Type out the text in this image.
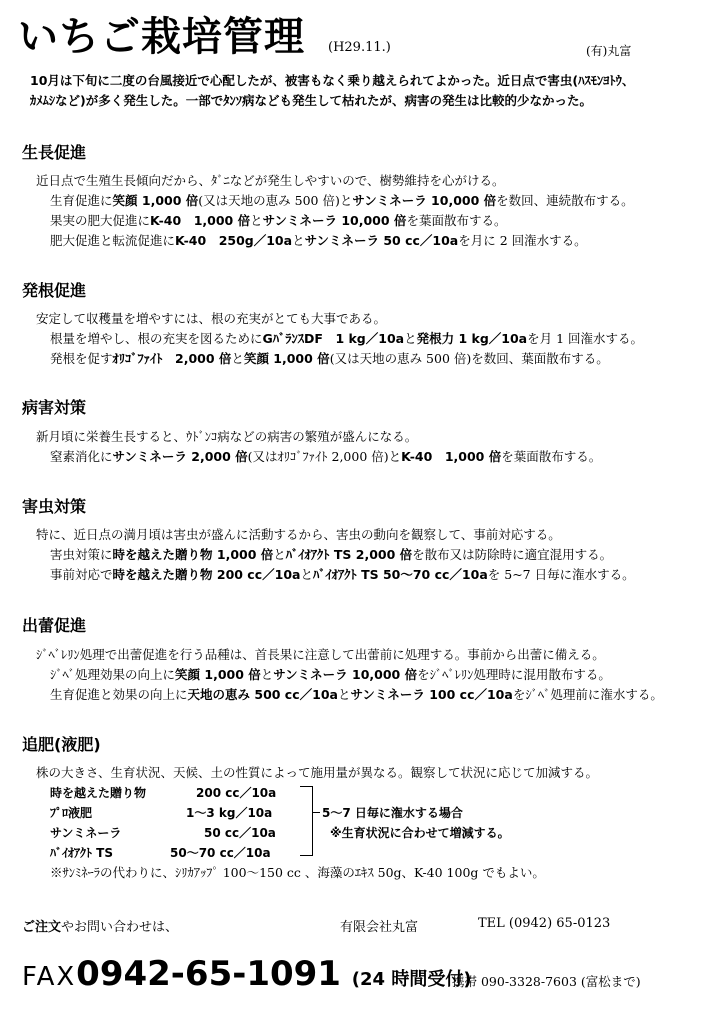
いちご栽培管理 (H29.11.)	(有)丸富
10月は下旬に二度の台風接近で心配したが、被害もなく乗り越えられてよかった。近日点で害虫(ﾊｽﾓﾝﾖﾄｳ、
ｶﾒﾑｼなど)が多く発生した。一部でﾀﾝｿ病なども発生して枯れたが、病害の発生は比較的少なかった。
生長促進
近日点で生殖生長傾向だから、ﾀﾞﾆなどが発生しやすいので、樹勢維持を心がける。
生育促進に笑顔 1,000 倍(又は天地の恵み 500 倍)とサンミネーラ 10,000 倍を数回、連続散布する。
果実の肥大促進にK-40　1,000 倍とサンミネーラ 10,000 倍を葉面散布する。
肥大促進と転流促進にK-40　250g／10aとサンミネーラ 50 cc／10aを月に 2 回潅水する。
発根促進
安定して収穫量を増やすには、根の充実がとても大事である。
根量を増やし、根の充実を図るためにGﾊﾞﾗﾝｽDF　1 kg／10aと発根力 1 kg／10aを月 1 回潅水する。
発根を促すｵﾘｺﾞﾌｧｲﾄ　2,000 倍と笑顔 1,000 倍(又は天地の恵み 500 倍)を数回、葉面散布する。
病害対策
新月頃に栄養生長すると、ｳﾄﾞﾝｺ病などの病害の繁殖が盛んになる。
窒素消化にサンミネーラ 2,000 倍(又はｵﾘｺﾞﾌｧｲﾄ 2,000 倍)とK-40　1,000 倍を葉面散布する。
害虫対策
特に、近日点の満月頃は害虫が盛んに活動するから、害虫の動向を観察して、事前対応する。
害虫対策に時を越えた贈り物 1,000 倍とﾊﾞｲｵｱｸﾄ TS 2,000 倍を散布又は防除時に適宜混用する。
事前対応で時を越えた贈り物 200 cc／10aとﾊﾞｲｵｱｸﾄ TS 50～70 cc／10aを 5~7 日毎に潅水する。
出蕾促進
ｼﾞﾍﾞﾚﾘﾝ処理で出蕾促進を行う品種は、首長果に注意して出蕾前に処理する。事前から出蕾に備える。
ｼﾞﾍﾞ処理効果の向上に笑顔 1,000 倍とサンミネーラ 10,000 倍をｼﾞﾍﾞﾚﾘﾝ処理時に混用散布する。
生育促進と効果の向上に天地の恵み 500 cc／10aとサンミネーラ 100 cc／10aをｼﾞﾍﾞ処理前に潅水する。
追肥(液肥)
株の大きさ、生育状況、天候、土の性質によって施用量が異なる。観察して状況に応じて加減する。
時を越えた贈り物	200 cc／10a
ﾌﾟﾛ液肥	1～3 kg／10a
サンミネーラ	50 cc／10a
ﾊﾞｲｵｱｸﾄ TS	50～70 cc／10a
5～7 日毎に潅水する場合
※生育状況に合わせて増減する。
※ｻﾝﾐﾈｰﾗの代わりに、ｼﾘｶｱｯﾌﾟ 100～150 cc 、海藻のｴｷｽ 50g、K-40 100g でもよい。
ご注文やお問い合わせは、	有限会社丸富	TEL (0942) 65-0123
FAX0942-65-1091 (24 時間受付)
携帯 090-3328-7603 (富松まで)
